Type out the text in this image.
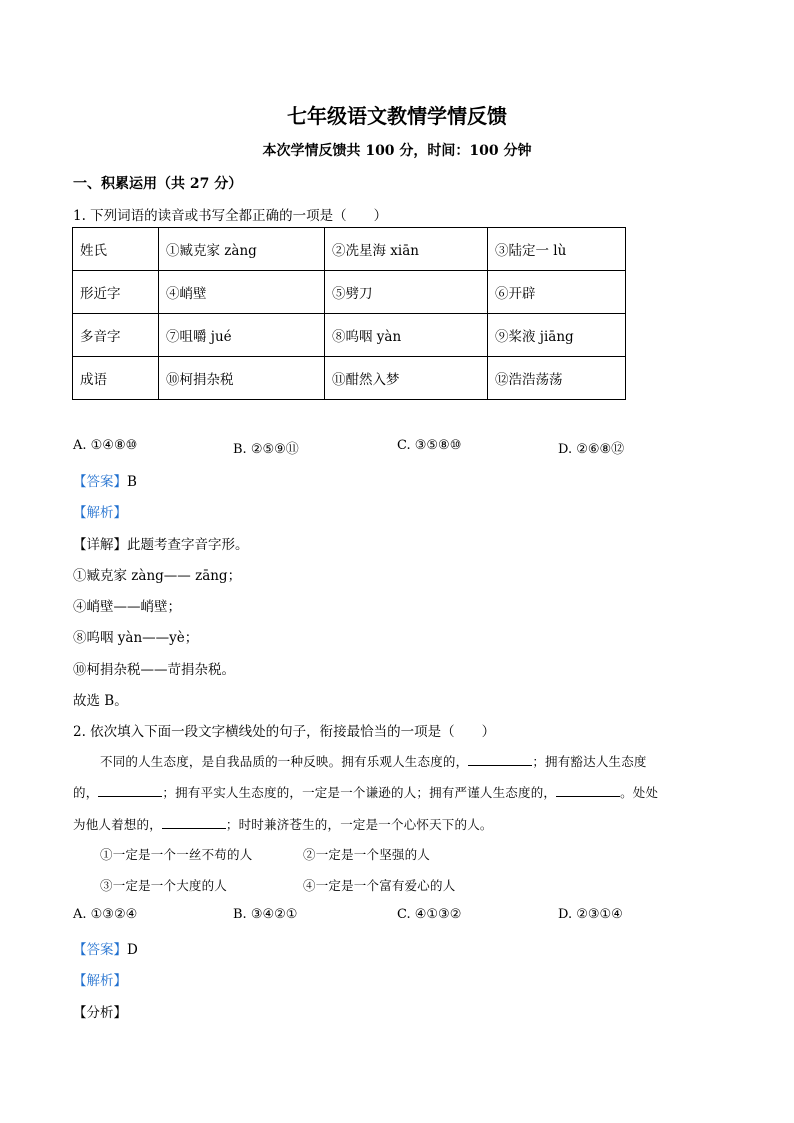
七年级语文教情学情反馈
本次学情反馈共 100 分，时间：100 分钟
一、积累运用（共 27 分）
1. 下列词语的读音或书写全都正确的一项是（　　）
姓氏	①臧克家 zàng	②冼星海 xiān	③陆定一 lù
形近字	④峭壁	⑤劈刀	⑥开辟
多音字	⑦咀嚼 jué	⑧呜咽 yàn	⑨桨液 jiāng
成语	⑩柯捐杂税	⑪酣然入梦	⑫浩浩荡荡
A. ①④⑧⑩	B. ②⑤⑨⑪	C. ③⑤⑧⑩	D. ②⑥⑧⑫
【答案】B
【解析】
【详解】此题考查字音字形。
①臧克家 zàng—— zāng；
④峭壁——峭壁；
⑧呜咽 yàn——yè；
⑩柯捐杂税——苛捐杂税。
故选 B。
2. 依次填入下面一段文字横线处的句子，衔接最恰当的一项是（　　）
不同的人生态度，是自我品质的一种反映。拥有乐观人生态度的，	；拥有豁达人生态度
的，	；拥有平实人生态度的，一定是一个谦逊的人；拥有严谨人生态度的，	。处处
为他人着想的，	；时时兼济苍生的，一定是一个心怀天下的人。
①一定是一个一丝不苟的人	②一定是一个坚强的人
③一定是一个大度的人	④一定是一个富有爱心的人
A. ①③②④	B. ③④②①	C. ④①③②	D. ②③①④
【答案】D
【解析】
【分析】
